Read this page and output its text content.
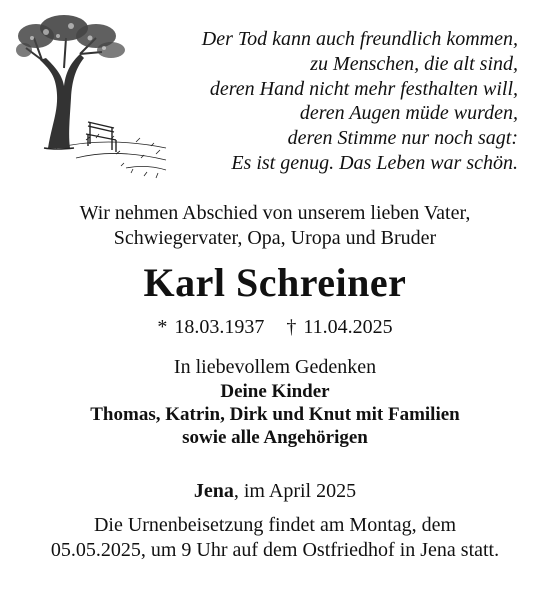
Der Tod kann auch freundlich kommen,
zu Menschen, die alt sind,
deren Hand nicht mehr festhalten will,
deren Augen müde wurden,
deren Stimme nur noch sagt:
Es ist genug. Das Leben war schön.
Wir nehmen Abschied von unserem lieben Vater,
Schwiegervater, Opa, Uropa und Bruder
Karl Schreiner
* 18.03.1937 † 11.04.2025
In liebevollem Gedenken
Deine Kinder
Thomas, Katrin, Dirk und Knut mit Familien
sowie alle Angehörigen
Jena, im April 2025
Die Urnenbeisetzung findet am Montag, dem
05.05.2025, um 9 Uhr auf dem Ostfriedhof in Jena statt.
